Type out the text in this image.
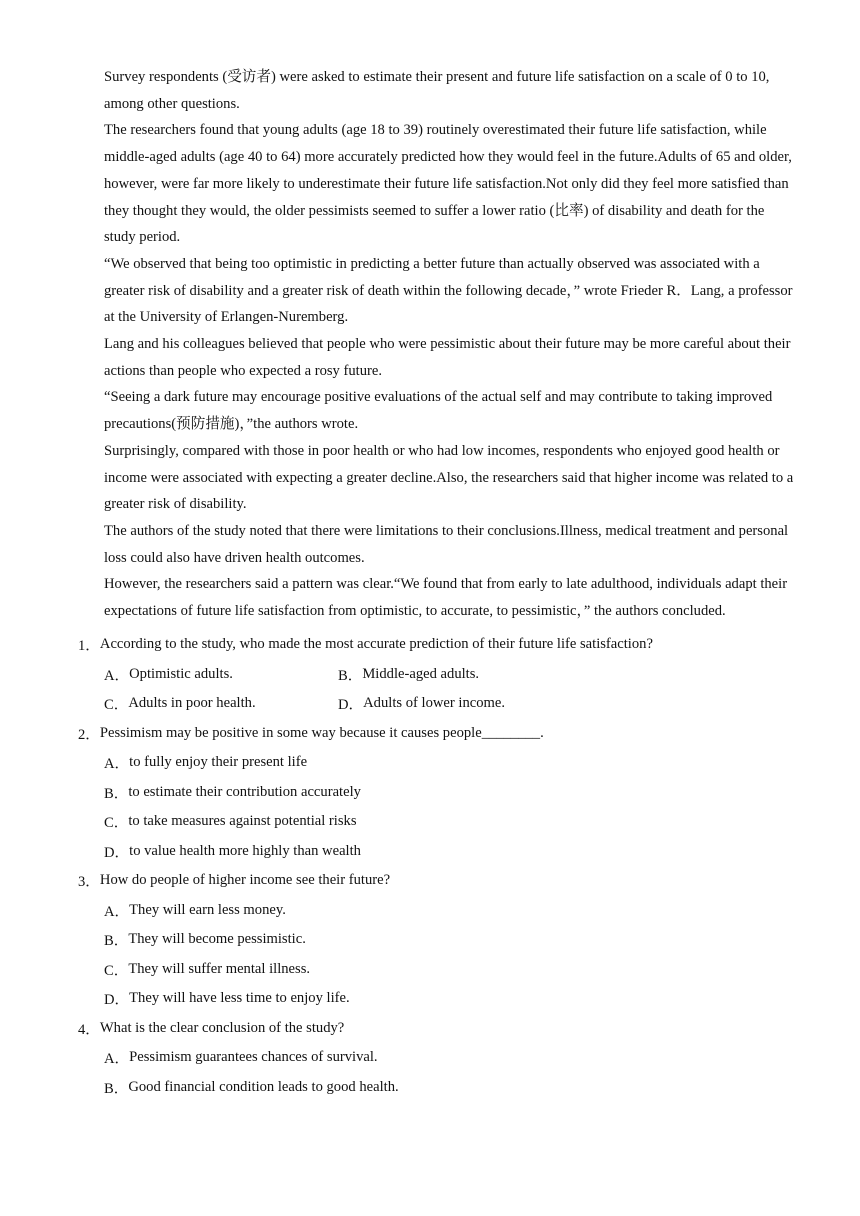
Survey respondents (受访者) were asked to estimate their present and future life satisfaction on a scale of 0 to 10, among other questions.

The researchers found that young adults (age 18 to 39) routinely overestimated their future life satisfaction, while middle-aged adults (age 40 to 64) more accurately predicted how they would feel in the future.Adults of 65 and older, however, were far more likely to underestimate their future life satisfaction.Not only did they feel more satisfied than they thought they would, the older pessimists seemed to suffer a lower ratio (比率) of disability and death for the study period.

“We observed that being too optimistic in predicting a better future than actually observed was associated with a greater risk of disability and a greater risk of death within the following decade，” wrote Frieder R．Lang, a professor at the University of Erlangen-Nuremberg.

Lang and his colleagues believed that people who were pessimistic about their future may be more careful about their actions than people who expected a rosy future.

“Seeing a dark future may encourage positive evaluations of the actual self and may contribute to taking improved precautions(预防措施)，”the authors wrote.

Surprisingly, compared with those in poor health or who had low incomes, respondents who enjoyed good health or income were associated with expecting a greater decline.Also, the researchers said that higher income was related to a greater risk of disability.

The authors of the study noted that there were limitations to their conclusions.Illness, medical treatment and personal loss could also have driven health outcomes.

However, the researchers said a pattern was clear.“We found that from early to late adulthood, individuals adapt their expectations of future life satisfaction from optimistic, to accurate, to pessimistic，” the authors concluded.

1． According to the study, who made the most accurate prediction of their future life satisfaction?
A． Optimistic adults.	B． Middle-aged adults.
C． Adults in poor health.	D． Adults of lower income.
2． Pessimism may be positive in some way because it causes people________.
A． to fully enjoy their present life
B． to estimate their contribution accurately
C． to take measures against potential risks
D． to value health more highly than wealth
3． How do people of higher income see their future?
A． They will earn less money.
B． They will become pessimistic.
C． They will suffer mental illness.
D． They will have less time to enjoy life.
4． What is the clear conclusion of the study?
A． Pessimism guarantees chances of survival.
B． Good financial condition leads to good health.
